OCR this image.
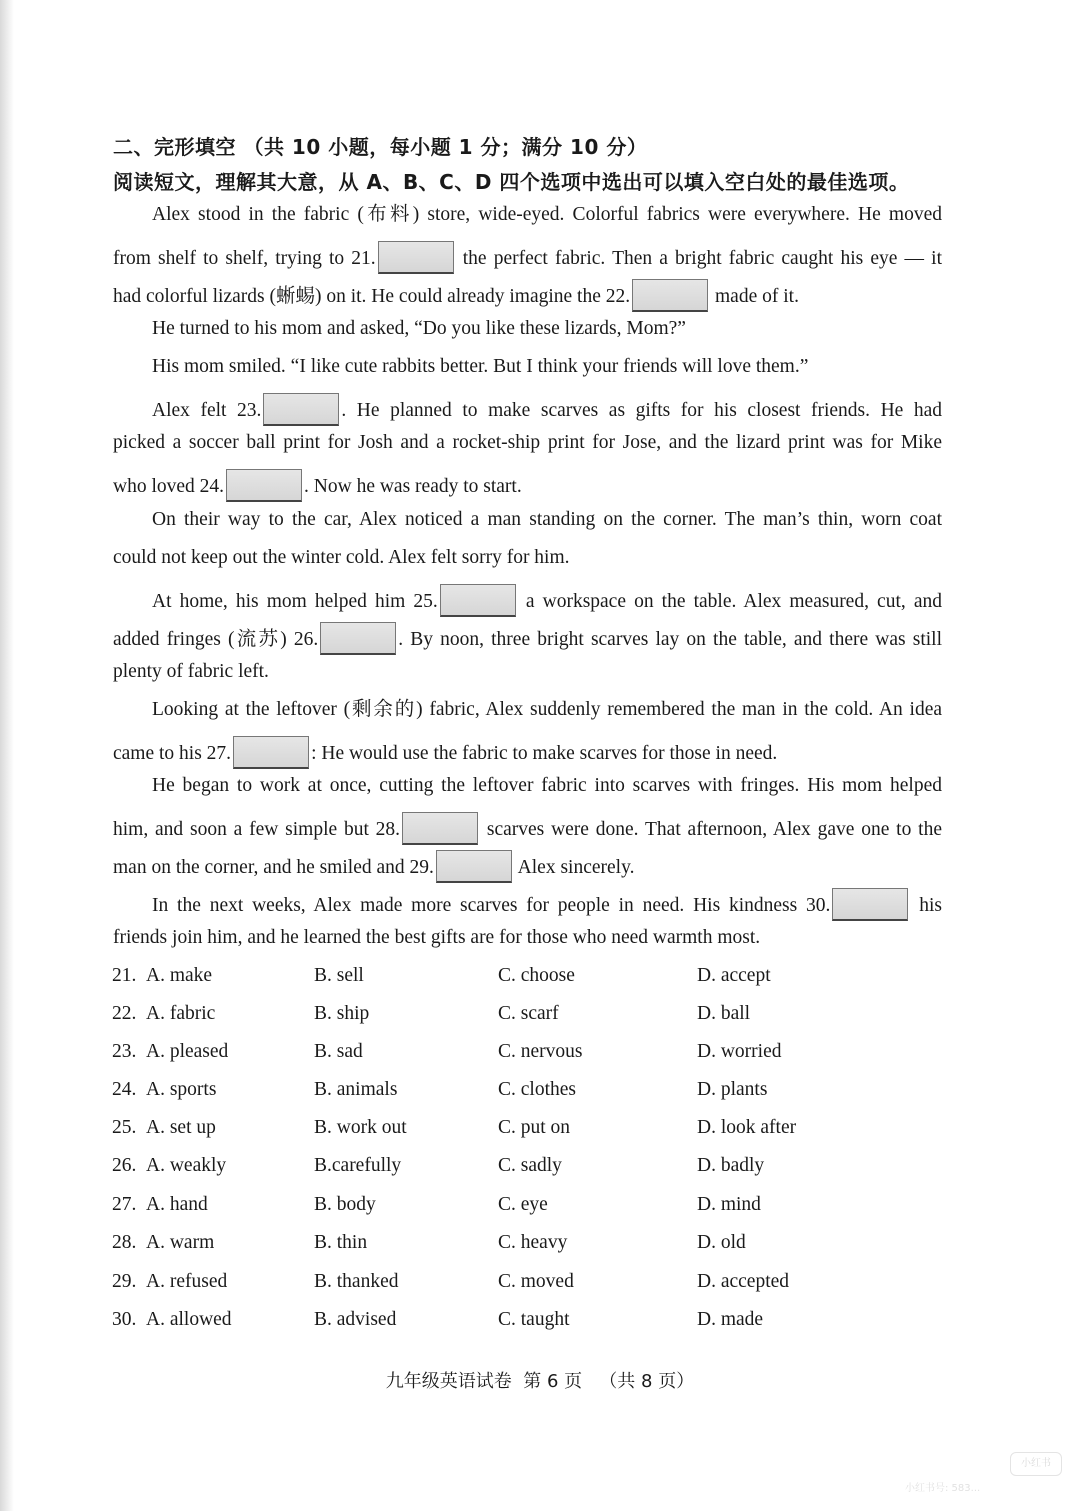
二、完形填空 （共 10 小题，每小题 1 分；满分 10 分）
阅读短文，理解其大意，从 A、B、C、D 四个选项中选出可以填入空白处的最佳选项。
Alex stood in the fabric (布料) store, wide-eyed. Colorful fabrics were everywhere. He moved
from shelf to shelf, trying to 21.	the perfect fabric. Then a bright fabric caught his eye — it
had colorful lizards (蜥蜴) on it. He could already imagine the 22.	made of it.
He turned to his mom and asked, “Do you like these lizards, Mom?”
His mom smiled. “I like cute rabbits better. But I think your friends will love them.”
Alex felt 23.	. He planned to make scarves as gifts for his closest friends. He had
picked a soccer ball print for Josh and a rocket-ship print for Jose, and the lizard print was for Mike
who loved 24.	. Now he was ready to start.
On their way to the car, Alex noticed a man standing on the corner. The man’s thin, worn coat
could not keep out the winter cold. Alex felt sorry for him.
At home, his mom helped him 25.	a workspace on the table. Alex measured, cut, and
added fringes (流苏) 26.	. By noon, three bright scarves lay on the table, and there was still
plenty of fabric left.
Looking at the leftover (剩余的) fabric, Alex suddenly remembered the man in the cold. An idea
came to his 27.	: He would use the fabric to make scarves for those in need.
He began to work at once, cutting the leftover fabric into scarves with fringes. His mom helped
him, and soon a few simple but 28.	scarves were done. That afternoon, Alex gave one to the
man on the corner, and he smiled and 29.	Alex sincerely.
In the next weeks, Alex made more scarves for people in need. His kindness 30.	his
friends join him, and he learned the best gifts are for those who need warmth most.
21. A. make	B. sell	C. choose	D. accept
22. A. fabric	B. ship	C. scarf	D. ball
23. A. pleased	B. sad	C. nervous	D. worried
24. A. sports	B. animals	C. clothes	D. plants
25. A. set up	B. work out	C. put on	D. look after
26. A. weakly	B.carefully	C. sadly	D. badly
27. A. hand	B. body	C. eye	D. mind
28. A. warm	B. thin	C. heavy	D. old
29. A. refused	B. thanked	C. moved	D. accepted
30. A. allowed	B. advised	C. taught	D. made
九年级英语试卷  第 6 页   （共 8 页）
小红书
小红书号: 583...
